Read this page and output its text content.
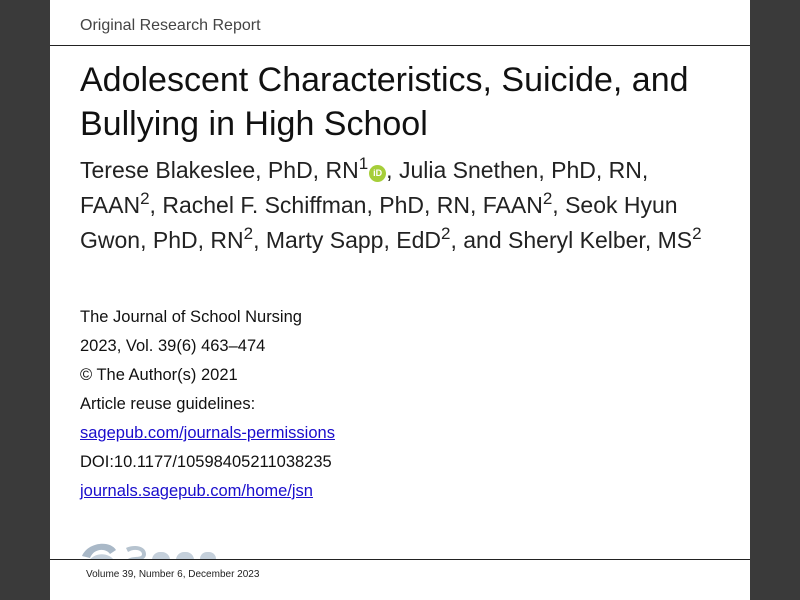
Original Research Report
Adolescent Characteristics, Suicide, and Bullying in High School
Terese Blakeslee, PhD, $RN^1$ iD , Julia Snethen, PhD, RN, FAAN$^2$, Rachel F. Schiffman, PhD, RN, FAAN$^2$, Seok Hyun Gwon, PhD, $RN^2$, Marty Sapp, EdD$^2$, and Sheryl Kelber, $MS^2$
The Journal of School Nursing
2023, Vol. 39(6) 463–474
© The Author(s) 2021
Article reuse guidelines:
sagepub.com/journals-permissions
DOI:10.1177/10598405211038235
journals.sagepub.com/home/jsn
Volume 39, Number 6, December 2023
